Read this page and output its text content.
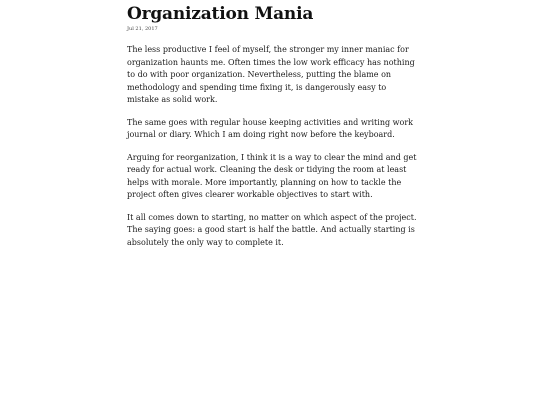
Organization Mania
Jul 21, 2017

The less productive I feel of myself, the stronger my inner maniac for organization haunts me. Often times the low work efficacy has nothing to do with poor organization. Nevertheless, putting the blame on methodology and spending time fixing it, is dangerously easy to mistake as solid work.

The same goes with regular house keeping activities and writing work journal or diary. Which I am doing right now before the keyboard.

Arguing for reorganization, I think it is a way to clear the mind and get ready for actual work. Cleaning the desk or tidying the room at least helps with morale. More importantly, planning on how to tackle the project often gives clearer workable objectives to start with.

It all comes down to starting, no matter on which aspect of the project. The saying goes: a good start is half the battle. And actually starting is absolutely the only way to complete it.
